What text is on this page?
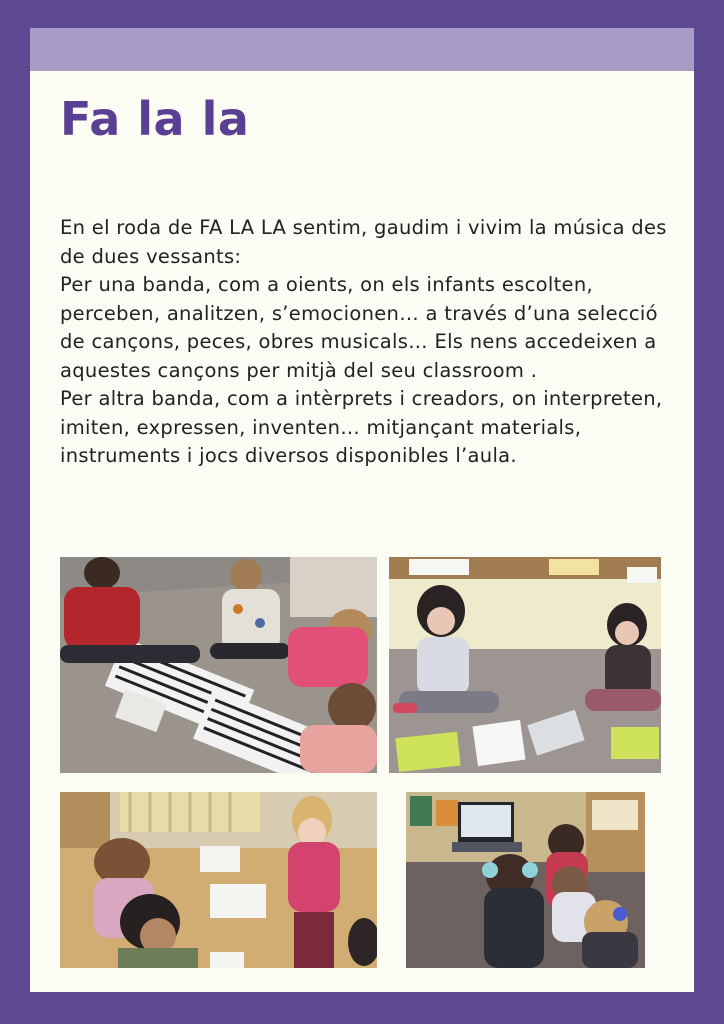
Fa la la

En el roda de FA LA LA sentim, gaudim i vivim la música des de dues vessants:

Per una banda, com a oients, on els infants escolten, perceben, analitzen, s’emocionen… a través d’una selecció de cançons, peces, obres musicals… Els nens accedeixen a aquestes cançons per mitjà del seu classroom .

Per altra banda, com a intèrprets i creadors, on interpreten, imiten, expressen, inventen… mitjançant materials, instruments i jocs diversos disponibles l’aula.
